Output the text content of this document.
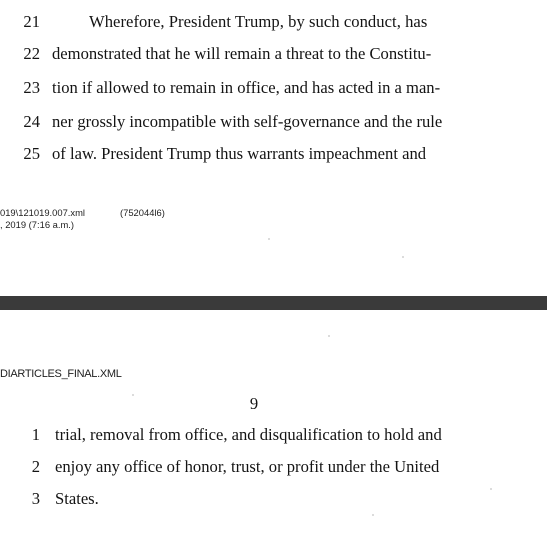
21	Wherefore, President Trump, by such conduct, has
22 demonstrated that he will remain a threat to the Constitu-
23 tion if allowed to remain in office, and has acted in a man-
24 ner grossly incompatible with self-governance and the rule
25 of law. President Trump thus warrants impeachment and
019\121019.007.xml	(752044l6)
, 2019 (7:16 a.m.)
DIARTICLES_FINAL.XML
9
1 trial, removal from office, and disqualification to hold and
2 enjoy any office of honor, trust, or profit under the United
3 States.
